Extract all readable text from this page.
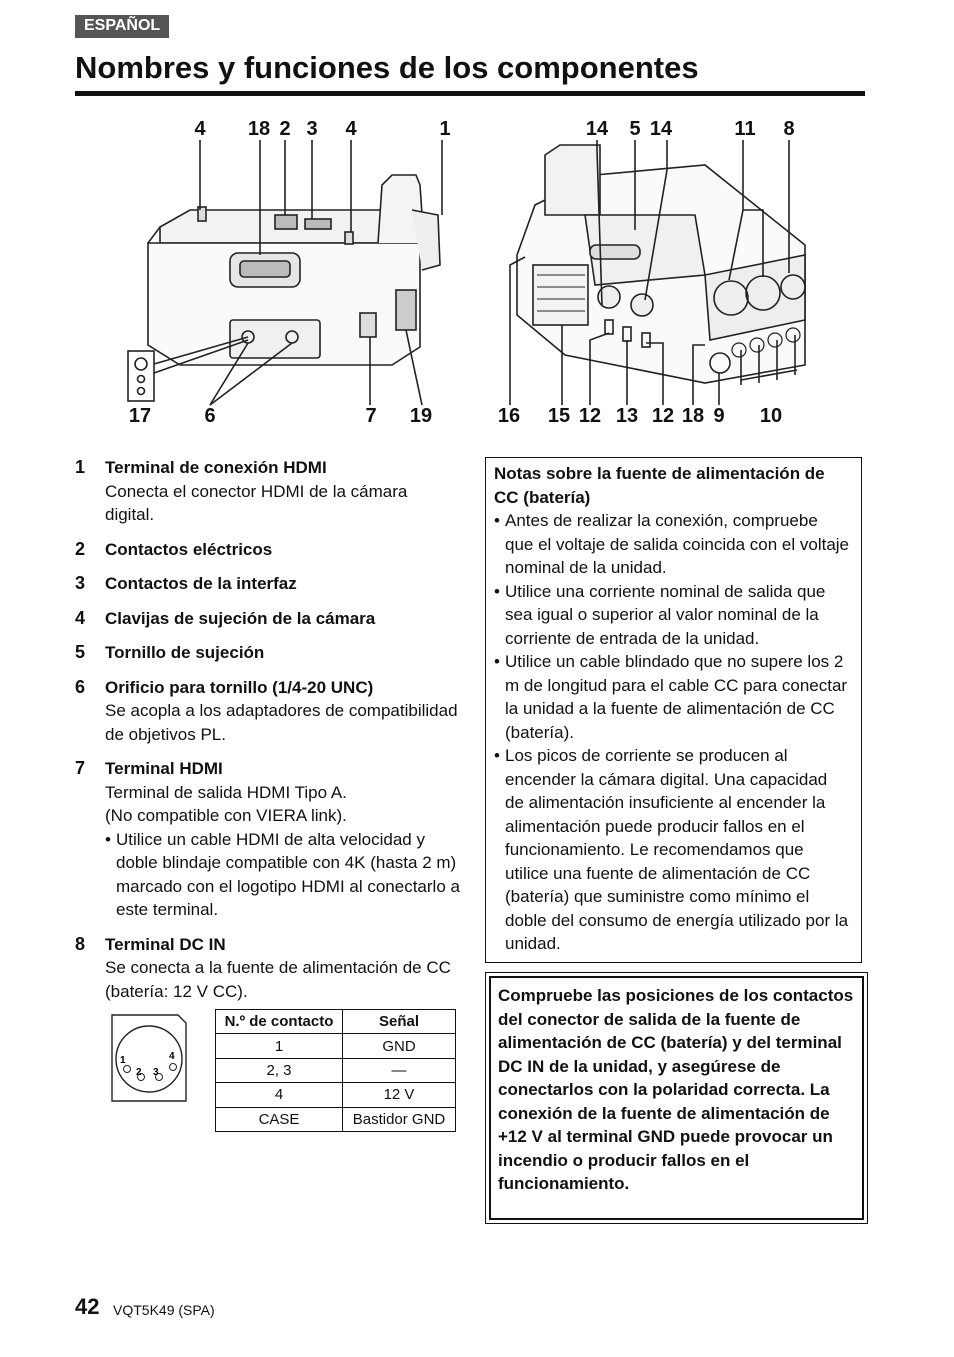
ESPAÑOL
Nombres y funciones de los componentes
4 18 2 3 4	1
17	6	7 19
14 5 14	11 8
16 15 12 13 12 18 9 10
1	Terminal de conexión HDMI
Conecta el conector HDMI de la cámara digital.
2	Contactos eléctricos
3	Contactos de la interfaz
4	Clavijas de sujeción de la cámara
5	Tornillo de sujeción
6	Orificio para tornillo (1/4-20 UNC)
Se acopla a los adaptadores de compatibilidad de objetivos PL.
7	Terminal HDMI
Terminal de salida HDMI Tipo A.
(No compatible con VIERA link).
• Utilice un cable HDMI de alta velocidad y doble blindaje compatible con 4K (hasta 2 m) marcado con el logotipo HDMI al conectarlo a este terminal.
8	Terminal DC IN
Se conecta a la fuente de alimentación de CC (batería: 12 V CC).
1
2 3
4
N.º de contacto	Señal
1	GND
2, 3	—
4	12 V
CASE	Bastidor GND
Notas sobre la fuente de alimentación de CC (batería)
• Antes de realizar la conexión, compruebe que el voltaje de salida coincida con el voltaje nominal de la unidad.
• Utilice una corriente nominal de salida que sea igual o superior al valor nominal de la corriente de entrada de la unidad.
• Utilice un cable blindado que no supere los 2 m de longitud para el cable CC para conectar la unidad a la fuente de alimentación de CC (batería).
• Los picos de corriente se producen al encender la cámara digital. Una capacidad de alimentación insuficiente al encender la alimentación puede producir fallos en el funcionamiento. Le recomendamos que utilice una fuente de alimentación de CC (batería) que suministre como mínimo el doble del consumo de energía utilizado por la unidad.
Compruebe las posiciones de los contactos del conector de salida de la fuente de alimentación de CC (batería) y del terminal DC IN de la unidad, y asegúrese de conectarlos con la polaridad correcta. La conexión de la fuente de alimentación de +12 V al terminal GND puede provocar un incendio o producir fallos en el funcionamiento.
42 VQT5K49 (SPA)
